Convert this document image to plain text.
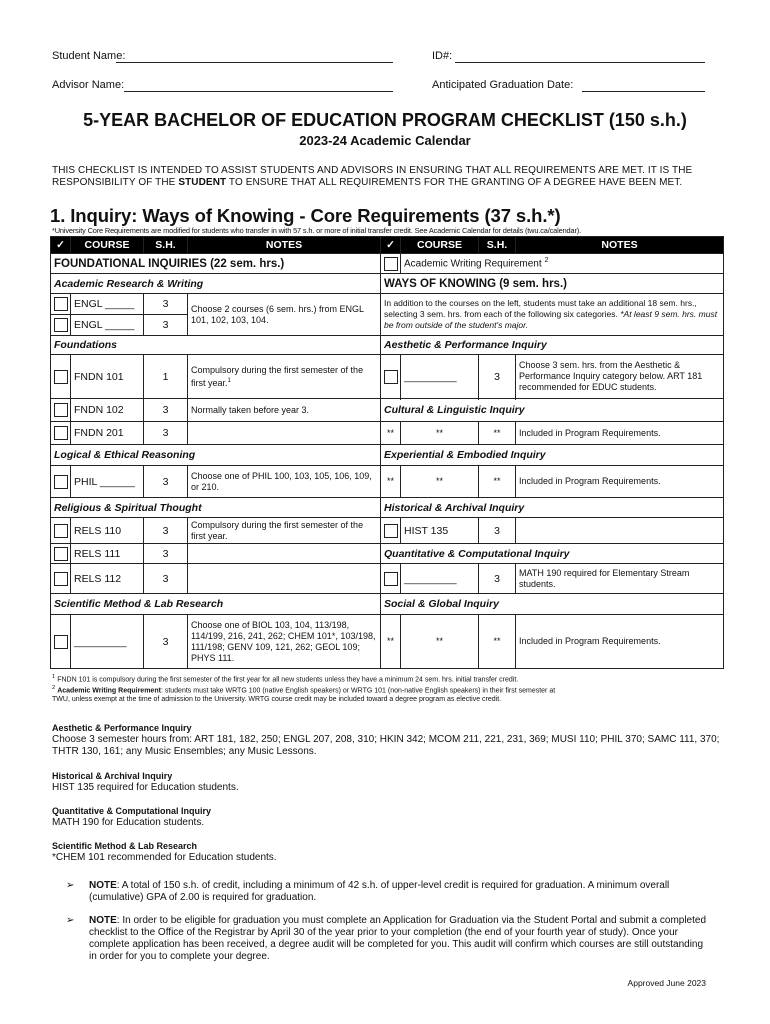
Student Name:	ID#:
Advisor Name:	Anticipated Graduation Date:
5-YEAR BACHELOR OF EDUCATION PROGRAM CHECKLIST (150 s.h.)
2023-24 Academic Calendar
THIS CHECKLIST IS INTENDED TO ASSIST STUDENTS AND ADVISORS IN ENSURING THAT ALL REQUIREMENTS ARE MET. IT IS THE
RESPONSIBILITY OF THE STUDENT TO ENSURE THAT ALL REQUIREMENTS FOR THE GRANTING OF A DEGREE HAVE BEEN MET.
1. Inquiry: Ways of Knowing - Core Requirements (37 s.h.*)
*University Core Requirements are modified for students who transfer in with 57 s.h. or more of initial transfer credit. See Academic Calendar for details (twu.ca/calendar).
✓	COURSE	S.H.	NOTES	✓	COURSE	S.H.	NOTES
FOUNDATIONAL INQUIRIES (22 sem. hrs.)					Academic Writing Requirement $^2$
Academic Research & Writing				WAYS OF KNOWING (9 sem. hrs.)			
	ENGL _____	3	Choose 2 courses (6 sem. hrs.) from ENGL 101, 102, 103, 104.	In addition to the courses on the left, students must take an additional 18 sem. hrs., selecting 3 sem. hrs. from each of the following six categories. *At least 9 sem. hrs. must be from outside of the student's major.			
	ENGL _____	3					
Foundations				Aesthetic & Performance Inquiry			
	FNDN 101	1	Compulsory during the first semester of the first year.$^1$		_________	3	Choose 3 sem. hrs. from the Aesthetic & Performance Inquiry category below. ART 181 recommended for EDUC students.

	FNDN 102	3	Normally taken before year 3.	Cultural & Linguistic Inquiry			
	FNDN 201	3		**	**	**	Included in Program Requirements.
Logical & Ethical Reasoning				Experiential & Embodied Inquiry			
	PHIL ______	3	Choose one of PHIL 100, 103, 105, 106, 109, or 210.	**	**	**	Included in Program Requirements.
Religious & Spiritual Thought				Historical & Archival Inquiry			
	RELS 110	3	Compulsory during the first semester of the first year.		HIST 135	3	
	RELS 111	3		Quantitative & Computational Inquiry			
	RELS 112	3			_________	3	MATH 190 required for Elementary Stream students.
Scientific Method & Lab Research				Social & Global Inquiry			
	_________	3	Choose one of BIOL 103, 104, 113/198, 114/199, 216, 241, 262; CHEM 101*, 103/198, 111/198; GENV 109, 121, 262; GEOL 109; PHYS 111.	**	**	**	Included in Program Requirements.
$^1$ FNDN 101 is compulsory during the first semester of the first year for all new students unless they have a minimum 24 sem. hrs. initial transfer credit.
$^2$ Academic Writing Requirement: students must take WRTG 100 (native English speakers) or WRTG 101 (non-native English speakers) in their first semester at
TWU, unless exempt at the time of admission to the University. WRTG course credit may be included toward a degree program as elective credit.
Aesthetic & Performance Inquiry
Choose 3 semester hours from: ART 181, 182, 250; ENGL 207, 208, 310; HKIN 342; MCOM 211, 221, 231, 369; MUSI 110; PHIL 370; SAMC 111, 370; THTR 130, 161; any Music Ensembles; any Music Lessons.
Historical & Archival Inquiry
HIST 135 required for Education students.
Quantitative & Computational Inquiry
MATH 190 for Education students.
Scientific Method & Lab Research
*CHEM 101 recommended for Education students.
➢ NOTE: A total of 150 s.h. of credit, including a minimum of 42 s.h. of upper-level credit is required for graduation. A minimum overall (cumulative) GPA of 2.00 is required for graduation.
➢ NOTE: In order to be eligible for graduation you must complete an Application for Graduation via the Student Portal and submit a completed checklist to the Office of the Registrar by April 30 of the year prior to your completion (the end of your fourth year of study). Once your complete application has been received, a degree audit will be completed for you. This audit will confirm which courses are still outstanding in order for you to complete your degree.
Approved June 2023
